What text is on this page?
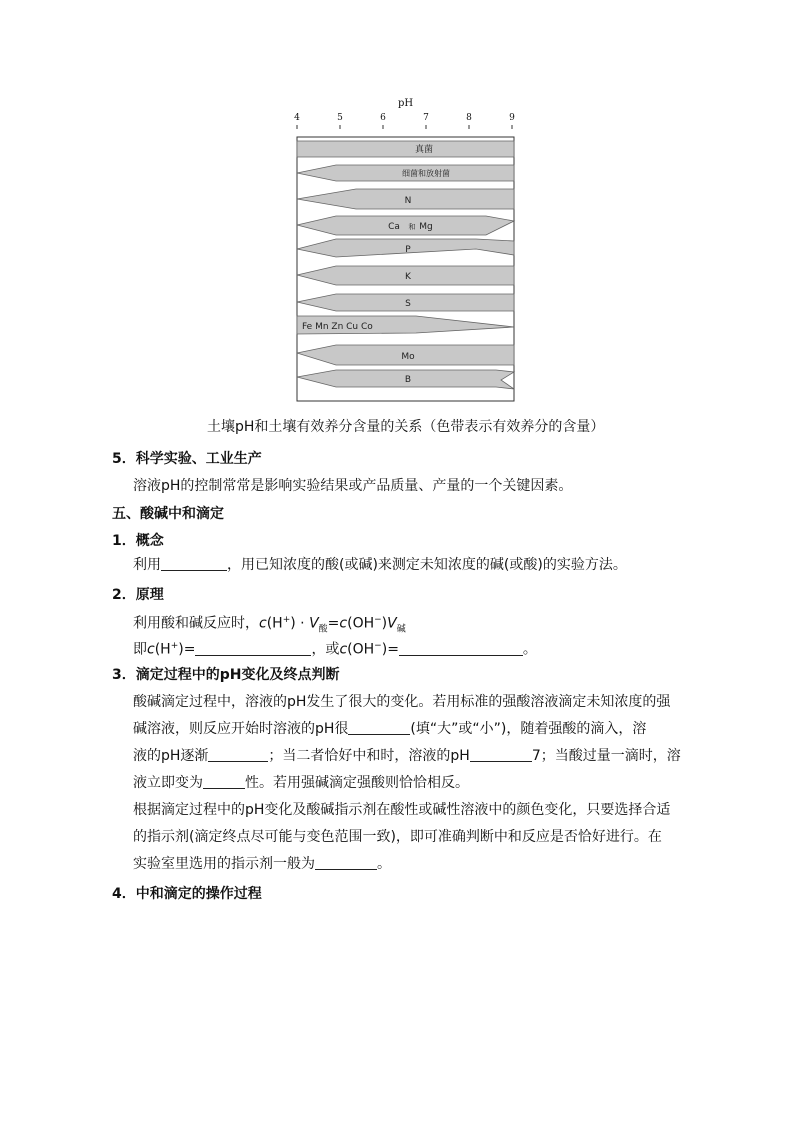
pH
4	5	6	7	8	9
真菌
细菌和放射菌
N
Ca 和 Mg
P
K
S
Fe Mn Zn Cu Co
Mo
B
土壤pH和土壤有效养分含量的关系（色带表示有效养分的含量）
5．科学实验、工业生产
溶液pH的控制常常是影响实验结果或产品质量、产量的一个关键因素。
五、酸碱中和滴定
1．概念
利用	，用已知浓度的酸(或碱)来测定未知浓度的碱(或酸)的实验方法。
2．原理
利用酸和碱反应时，$c(H^+) \cdot V_酸=c(OH^-)V_碱$
即c(H+)=	，或c(OH−)=	。
3．滴定过程中的pH变化及终点判断
酸碱滴定过程中，溶液的pH发生了很大的变化。若用标准的强酸溶液滴定未知浓度的强
碱溶液，则反应开始时溶液的pH很	(填“大”或“小”)，随着强酸的滴入，溶
液的pH逐渐	；当二者恰好中和时，溶液的pH	7；当酸过量一滴时，溶
液立即变为	性。若用强碱滴定强酸则恰恰相反。
根据滴定过程中的pH变化及酸碱指示剂在酸性或碱性溶液中的颜色变化，只要选择合适
的指示剂(滴定终点尽可能与变色范围一致)，即可准确判断中和反应是否恰好进行。在
实验室里选用的指示剂一般为	。
4．中和滴定的操作过程
